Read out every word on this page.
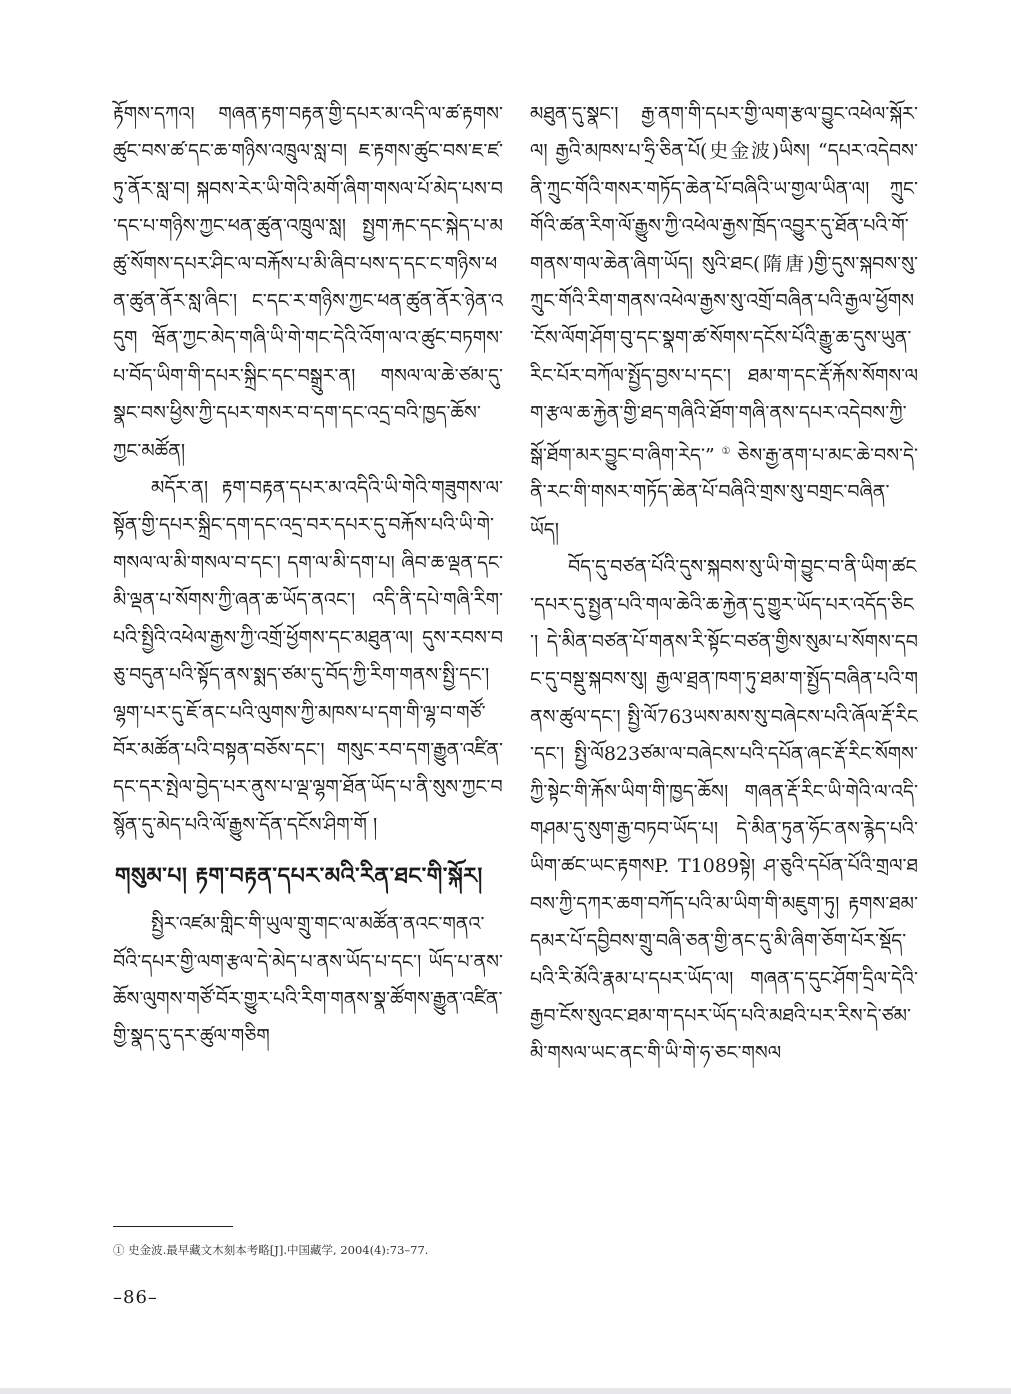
རྟོགས་དཀའ། གཞན་རྟག་བརྟན་གྱི་དཔར་མ་འདི་ལ་ཚ་རྟགས་ཚུང་བས་ཚ་དང་ཆ་གཉིས་འཁྲུལ་སླ་བ། ཇ་རྟགས་ཚུང་བས་ཇ་ཛ་ཏུ་ནོར་སླ་བ། སྐབས་རེར་ཡི་གེའི་མགོ་ཞིག་གསལ་པོ་མེད་པས་བ་དང་པ་གཉིས་ཀྱང་ཕན་ཚུན་འཁྲུལ་སླ། སྤྱག་རྐང་དང་སྐེད་པ་མཚུ་སོགས་དཔར་ཤིང་ལ་བརྐོས་པ་མི་ཞིབ་པས་ད་དང་ང་གཉིས་ཕན་ཚུན་ནོར་སླ་ཞིང་། ང་དང་ར་གཉིས་ཀྱང་ཕན་ཚུན་ནོར་ཉེན་འདུག ཝོན་ཀྱང་མེད་གཞི་ཡི་གེ་གང་དེའི་འོག་ལ་འ་ཚུང་བཏགས་པ་བོད་ཡིག་གི་དཔར་སྐྲིང་དང་བསྒྲུར་ན། གསལ་ལ་ཆེ་ཙམ་དུ་སྣང་བས་ཕྱིས་ཀྱི་དཔར་གསར་བ་དག་དང་འདྲ་བའི་ཁྱད་ཆོས་ཀྱང་མཚོན།

མདོར་ན། རྟག་བརྟན་དཔར་མ་འདིའི་ཡི་གེའི་གཟུགས་ལ་སྟོན་གྱི་དཔར་སྐྲིང་དག་དང་འདྲ་བར་དཔར་དུ་བརྐོས་པའི་ཡི་གེ་གསལ་ལ་མི་གསལ་བ་དང་། དག་ལ་མི་དག་པ། ཞིབ་ཆ་ལྡན་དང་མི་ལྡན་པ་སོགས་ཀྱི་ཞན་ཆ་ཡོད་ནའང་། འདི་ནི་དཔེ་གཞི་རིག་པའི་སྤྱིའི་འཕེལ་རྒྱས་ཀྱི་འགྲོ་ཕྱོགས་དང་མཐུན་ལ། དུས་རབས་བཅུ་བདུན་པའི་སྟོད་ནས་སྨད་ཙམ་དུ་བོད་ཀྱི་རིག་གནས་སྤྱི་དང་། ལྷག་པར་དུ་ཇོ་ནང་པའི་ལུགས་ཀྱི་མཁས་པ་དག་གི་ལྷ་བ་གཙོ་བོར་མཚོན་པའི་བསྟན་བཅོས་དང་། གསུང་རབ་དག་རྒྱུན་འཛིན་དང་དར་སྤེལ་བྱེད་པར་ནུས་པ་ལྡ་ལྷག་ཐོན་ཡོད་པ་ནི་སུས་ཀྱང་བསྙོན་དུ་མེད་པའི་ལོ་རྒྱུས་དོན་དངོས་ཤིག་གོ །

གསུམ་པ། རྟག་བརྟན་དཔར་མའི་རིན་ཐང་གི་སྐོར།

སྤྱིར་འཛམ་གླིང་གི་ཡུལ་གྲུ་གང་ལ་མཚོན་ནའང་གནའ་བོའི་དཔར་གྱི་ལག་རྩལ་དེ་མེད་པ་ནས་ཡོད་པ་དང་། ཡོད་པ་ནས་ཆོས་ལུགས་གཙོ་བོར་གྱུར་པའི་རིག་གནས་སྣ་ཚོགས་རྒྱུན་འཛིན་གྱི་སྣད་དུ་དར་ཚུལ་གཅིག

མཐུན་དུ་སྣང་། རྒྱ་ནག་གི་དཔར་གྱི་ལག་རྩལ་བྱུང་འཕེལ་སྐོར་ལ། རྒྱའི་མཁས་པ་ཧྲི་ཅིན་པོ(史金波)ཡིས། “དཔར་འདེབས་ནི་ཀྲུང་གོའི་གསར་གཏོད་ཆེན་པོ་བཞིའི་ཡ་གྱལ་ཡིན་ལ། ཀྲུང་གོའི་ཚན་རིག་ལོ་རྒྱུས་ཀྱི་འཕེལ་རྒྱས་ཁྲོད་འབྱུར་དུ་ཐོན་པའི་གོ་གནས་གལ་ཆེན་ཞིག་ཡོད། སུའི་ཐང(隋唐)གྱི་དུས་སྐབས་སུ་ཀྲུང་གོའི་རིག་གནས་འཕེལ་རྒྱས་སུ་འགྲོ་བཞིན་པའི་རྒྱལ་ཕྱོགས་ངོས་ལོག་ཤོག་བུ་དང་སྣག་ཚ་སོགས་དངོས་པོའི་རྒྱུ་ཆ་དུས་ཡུན་རིང་པོར་བཀོལ་སྤྱོད་བྱས་པ་དང་། ཐམ་ག་དང་རྡོ་རྐོས་སོགས་ལག་རྩལ་ཆ་རྐྱེན་གྱི་ཐད་གཞིའི་ཐོག་གཞི་ནས་དཔར་འདེབས་ཀྱི་སྒོ་ཐོག་མར་བྱུང་བ་ཞིག་རེད་”①ཅེས་རྒྱ་ནག་པ་མང་ཆེ་བས་དེ་ནི་རང་གི་གསར་གཏོད་ཆེན་པོ་བཞིའི་གྲས་སུ་བགྲང་བཞིན་ཡོད།

བོད་དུ་བཙན་པོའི་དུས་སྐབས་སུ་ཡི་གེ་བྱུང་བ་ནི་ཡིག་ཚང་དཔར་དུ་སྤྱན་པའི་གལ་ཆེའི་ཆ་རྐྱེན་དུ་གྱུར་ཡོད་པར་འདོད་ཅིང་། དེ་མིན་བཙན་པོ་གནས་རི་སྟོང་བཙན་གྱིས་སུམ་པ་སོགས་དབང་དུ་བསྡུ་སྐབས་སུ། རྒྱལ་ཐྲན་ཁག་ཏུ་ཐམ་ག་སྤྱོད་བཞིན་པའི་གནས་ཚུལ་དང་། སྤྱི་ལོ763ཡས་མས་སུ་བཞེངས་པའི་ཞོལ་རྡོ་རིང་དང་། སྤྱི་ལོ823ཙམ་ལ་བཞེངས་པའི་དཔོན་ཞང་རྡོ་རིང་སོགས་ཀྱི་སྟེང་གི་རྐོས་ཡིག་གི་ཁྱད་ཆོས། གཞན་རྡོ་རིང་ཡི་གེའི་ལ་འདི་གཤམ་དུ་སུག་རྒྱ་བཏབ་ཡོད་པ། དེ་མིན་ཏུན་ཧོང་ནས་རྙེད་པའི་ཡིག་ཚང་ཡང་རྟགསP. T1089སྟེ། ཤ་ཅུའི་དཔོན་པོའི་གྲལ་ཐབས་ཀྱི་དཀར་ཆག་བཀོད་པའི་མ་ཡིག་གི་མཇུག་ཏུ། རྟགས་ཐམ་དམར་པོ་དབྱིབས་གྲུ་བཞི་ཅན་གྱི་ནང་དུ་མི་ཞིག་ཅོག་པོར་སྡོད་པའི་རི་མོའི་རྣམ་པ་དཔར་ཡོད་ལ། གཞན་ད་དུང་ཤོག་དྲིལ་དེའི་རྒྱབ་ངོས་སུའང་ཐམ་ག་དཔར་ཡོད་པའི་མཐའི་པར་རིས་དེ་ཙམ་མི་གསལ་ཡང་ནང་གི་ཡི་གེ་ཧ་ཅང་གསལ

① 史金波.最早藏文木刻本考略[J].中国藏学, 2004(4):73–77.
–86–
